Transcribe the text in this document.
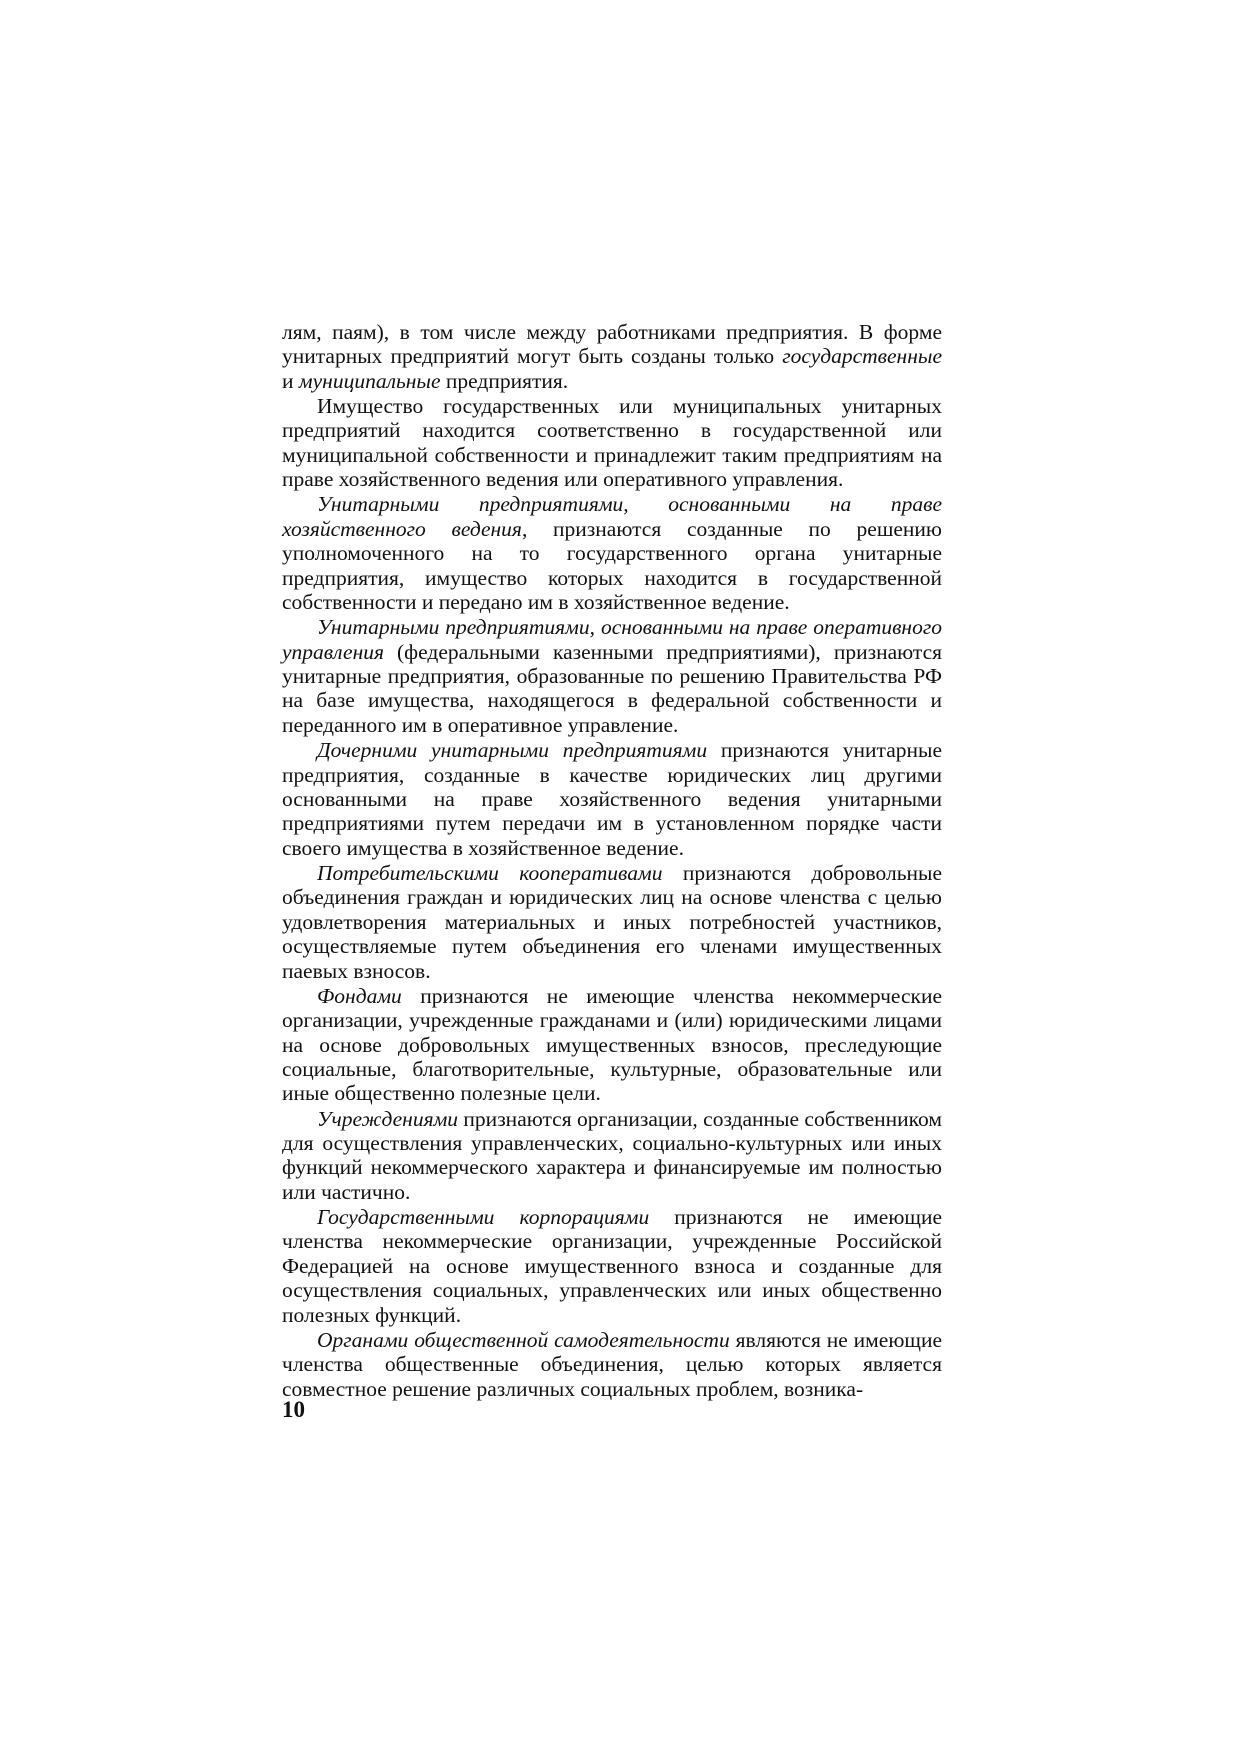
лям, паям), в том числе между работниками предприятия. В форме унитарных предприятий могут быть созданы только государственные и муниципальные предприятия.

Имущество государственных или муниципальных унитарных предприятий находится соответственно в государственной или муниципальной собственности и принадлежит таким предприятиям на праве хозяйственного ведения или оперативного управления.

Унитарными предприятиями, основанными на праве хозяйственного ведения, признаются созданные по решению уполномоченного на то государственного органа унитарные предприятия, имущество которых находится в государственной собственности и передано им в хозяйственное ведение.

Унитарными предприятиями, основанными на праве оперативного управления (федеральными казенными предприятиями), признаются унитарные предприятия, образованные по решению Правительства РФ на базе имущества, находящегося в федеральной собственности и переданного им в оперативное управление.

Дочерними унитарными предприятиями признаются унитарные предприятия, созданные в качестве юридических лиц другими основанными на праве хозяйственного ведения унитарными предприятиями путем передачи им в установленном порядке части своего имущества в хозяйственное ведение.

Потребительскими кооперативами признаются добровольные объединения граждан и юридических лиц на основе членства с целью удовлетворения материальных и иных потребностей участников, осуществляемые путем объединения его членами имущественных паевых взносов.

Фондами признаются не имеющие членства некоммерческие организации, учрежденные гражданами и (или) юридическими лицами на основе добровольных имущественных взносов, преследующие социальные, благотворительные, культурные, образовательные или иные общественно полезные цели.

Учреждениями признаются организации, созданные собственником для осуществления управленческих, социально-культурных или иных функций некоммерческого характера и финансируемые им полностью или частично.

Государственными корпорациями признаются не имеющие членства некоммерческие организации, учрежденные Российской Федерацией на основе имущественного взноса и созданные для осуществления социальных, управленческих или иных общественно полезных функций.

Органами общественной самодеятельности являются не имеющие членства общественные объединения, целью которых является совместное решение различных социальных проблем, возника-

10
